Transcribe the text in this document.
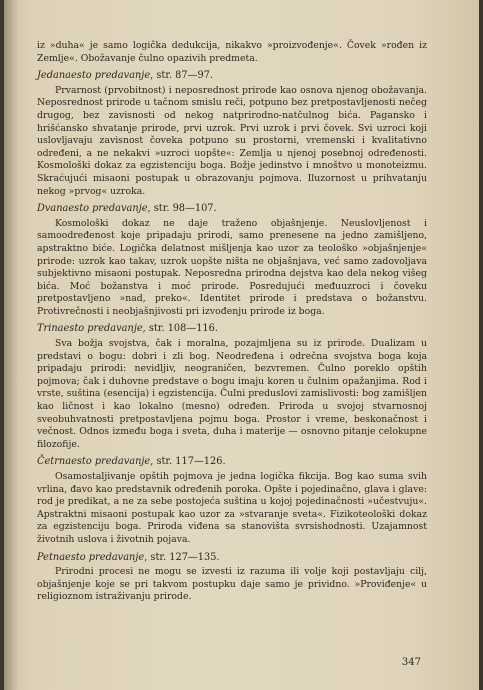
iz »duha« je samo logička dedukcija, nikakvo »proizvođenje«. Čovek »rođen iz Zemlje«. Obožavanje čulno opazivih predmeta.

Jedanaesto predavanje, str. 87—97.

Prvarnost (prvobitnost) i neposrednost prirode kao osnova njenog obožavanja. Neposrednost prirode u tačnom smislu reči, potpuno bez pretpostavljenosti nečeg drugog, bez zavisnosti od nekog natprirodno-natčulnog bića. Pagansko i hrišćansko shvatanje prirode, prvi uzrok. Prvi uzrok i prvi čovek. Svi uzroci koji uslovljavaju zavisnost čoveka potpuno su prostorni, vremenski i kvalitativno određeni, a ne nekakvi »uzroci uopšte«: Zemlja u njenoj posebnoj određenosti. Kosmološki dokaz za egzistenciju boga. Božje jedinstvo i mnoštvo u monoteizmu. Skraćujući misaoni postupak u obrazovanju pojmova. Iluzornost u prihvatanju nekog »prvog« uzroka.

Dvanaesto predavanje, str. 98—107.

Kosmološki dokaz ne daje traženo objašnjenje. Neuslovljenost i samoodređenost koje pripadaju prirodi, samo prenesene na jedno zamišljeno, apstraktno biće. Logička delatnost mišljenja kao uzor za teološko »objašnjenje« prirode: uzrok kao takav, uzrok uopšte ništa ne objašnjava, već samo zadovoljava subjektivno misaoni postupak. Neposredna prirodna dejstva kao dela nekog višeg bića. Moć božanstva i moć prirode. Posredujući međuuzroci i čoveku pretpostavljeno »nad, preko«. Identitet prirode i predstava o božanstvu. Protivrečnosti i neobjašnjivosti pri izvođenju prirode iz boga.

Trinaesto predavanje, str. 108—116.

Sva božja svojstva, čak i moralna, pozajmljena su iz prirode. Dualizam u predstavi o bogu: dobri i zli bog. Neodređena i odrečna svojstva boga koja pripadaju prirodi: nevidljiv, neograničen, bezvremen. Čulno poreklo opštih pojmova; čak i duhovne predstave o bogu imaju koren u čulnim opažanjima. Rod i vrste, suština (esencija) i egzistencija. Čulni preduslovi zamislivosti: bog zamišljen kao ličnost i kao lokalno (mesno) određen. Priroda u svojoj stvarnosnoj sveobuhvatnosti pretpostavljena pojmu boga. Prostor i vreme, beskonačnost i večnost. Odnos između boga i sveta, duha i materije — osnovno pitanje celokupne filozofije.

Četrnaesto predavanje, str. 117—126.

Osamostaljivanje opštih pojmova je jedna logička fikcija. Bog kao suma svih vrlina, đavo kao predstavnik određenih poroka. Opšte i pojedinačno, glava i glave: rod je predikat, a ne za sebe postojeća suština u kojoj pojedinačnosti »učestvuju«. Apstraktni misaoni postupak kao uzor za »stvaranje sveta«. Fizikoteološki dokaz za egzistenciju boga. Priroda viđena sa stanovišta svrsishodnosti. Uzajamnost životnih uslova i životnih pojava.

Petnaesto predavanje, str. 127—135.

Prirodni procesi ne mogu se izvesti iz razuma ili volje koji postavljaju cilj, objašnjenje koje se pri takvom postupku daje samo je prividno. »Proviđenje« u religioznom istraživanju prirode.

347
